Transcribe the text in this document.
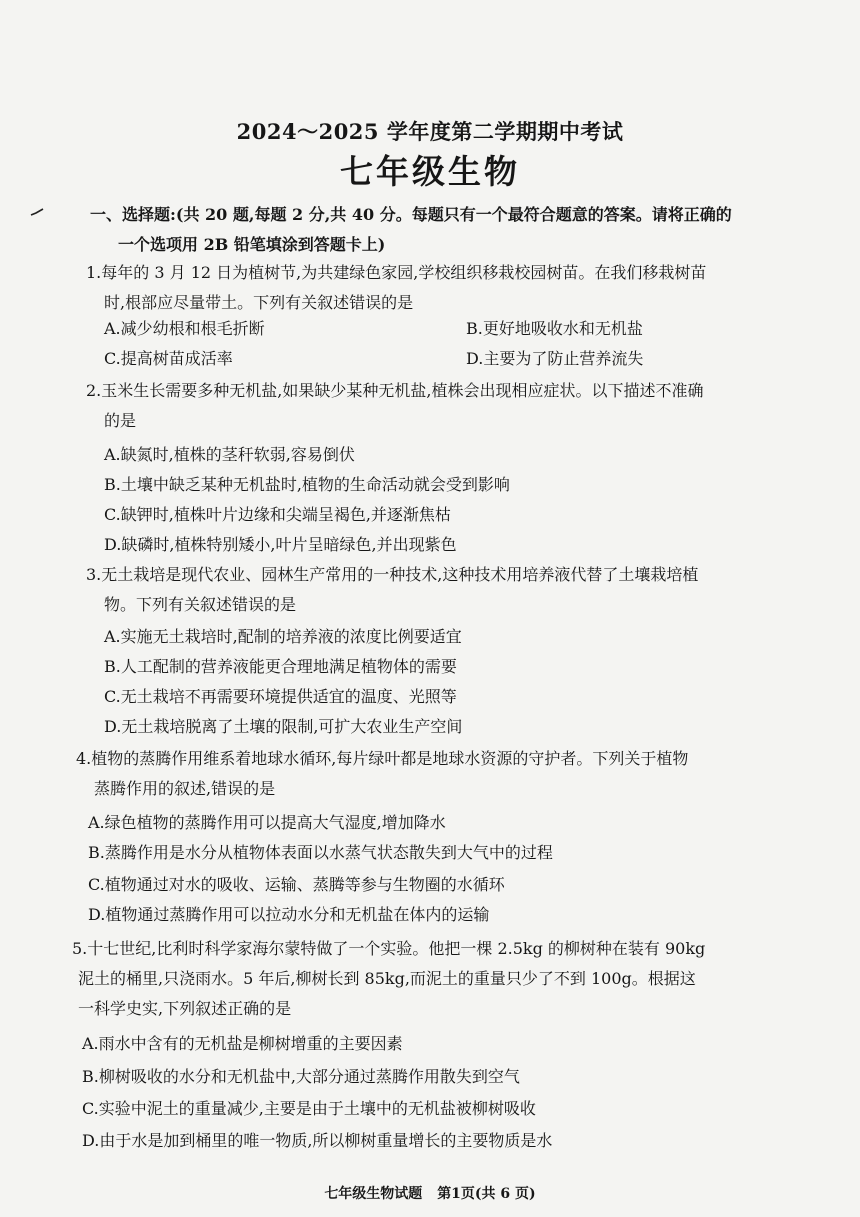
2024～2025 学年度第二学期期中考试
七年级生物
一、选择题:(共 20 题,每题 2 分,共 40 分。每题只有一个最符合题意的答案。请将正确的
一个选项用 2B 铅笔填涂到答题卡上)
1.每年的 3 月 12 日为植树节,为共建绿色家园,学校组织移栽校园树苗。在我们移栽树苗
时,根部应尽量带土。下列有关叙述错误的是
A.减少幼根和根毛折断	B.更好地吸收水和无机盐
C.提高树苗成活率	D.主要为了防止营养流失
2.玉米生长需要多种无机盐,如果缺少某种无机盐,植株会出现相应症状。以下描述不准确
的是
A.缺氮时,植株的茎秆软弱,容易倒伏
B.土壤中缺乏某种无机盐时,植物的生命活动就会受到影响
C.缺钾时,植株叶片边缘和尖端呈褐色,并逐渐焦枯
D.缺磷时,植株特别矮小,叶片呈暗绿色,并出现紫色
3.无土栽培是现代农业、园林生产常用的一种技术,这种技术用培养液代替了土壤栽培植
物。下列有关叙述错误的是
A.实施无土栽培时,配制的培养液的浓度比例要适宜
B.人工配制的营养液能更合理地满足植物体的需要
C.无土栽培不再需要环境提供适宜的温度、光照等
D.无土栽培脱离了土壤的限制,可扩大农业生产空间
4.植物的蒸腾作用维系着地球水循环,每片绿叶都是地球水资源的守护者。下列关于植物
蒸腾作用的叙述,错误的是
A.绿色植物的蒸腾作用可以提高大气湿度,增加降水
B.蒸腾作用是水分从植物体表面以水蒸气状态散失到大气中的过程
C.植物通过对水的吸收、运输、蒸腾等参与生物圈的水循环
D.植物通过蒸腾作用可以拉动水分和无机盐在体内的运输
5.十七世纪,比利时科学家海尔蒙特做了一个实验。他把一棵 2.5kg 的柳树种在装有 90kg
泥土的桶里,只浇雨水。5 年后,柳树长到 85kg,而泥土的重量只少了不到 100g。根据这
一科学史实,下列叙述正确的是
A.雨水中含有的无机盐是柳树增重的主要因素
B.柳树吸收的水分和无机盐中,大部分通过蒸腾作用散失到空气
C.实验中泥土的重量减少,主要是由于土壤中的无机盐被柳树吸收
D.由于水是加到桶里的唯一物质,所以柳树重量增长的主要物质是水
七年级生物试题 第1页(共 6 页)
